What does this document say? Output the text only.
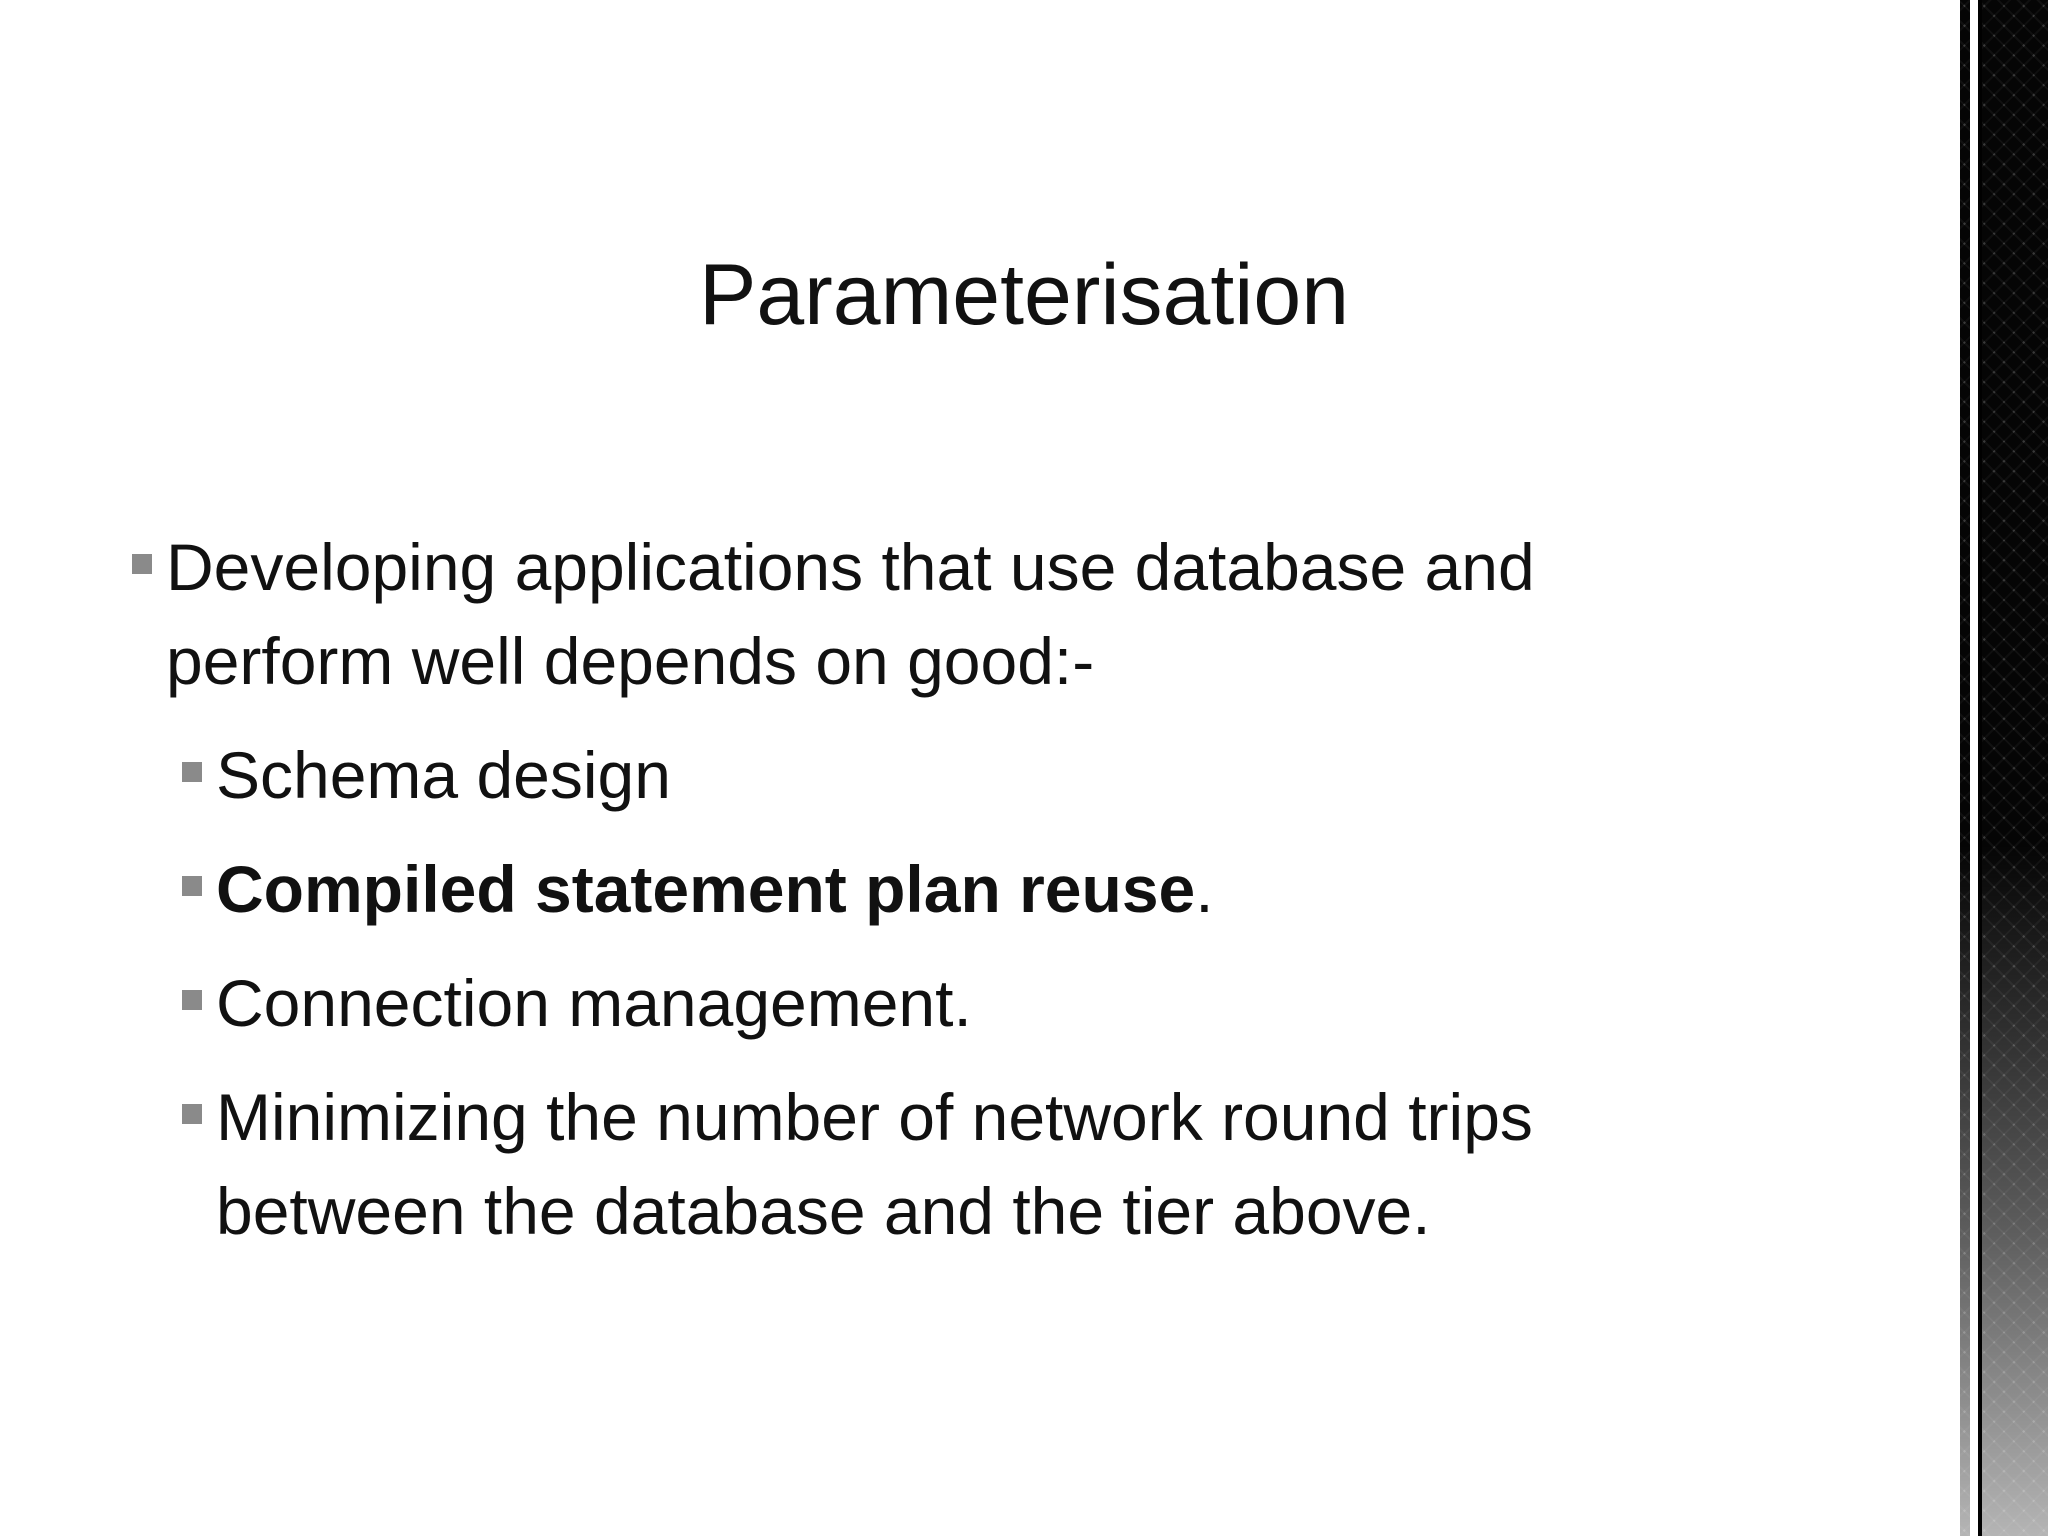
Parameterisation
Developing applications that use database and perform well depends on good:-
Schema design
Compiled statement plan reuse.
Connection management.
Minimizing the number of network round trips between the database and the tier above.
